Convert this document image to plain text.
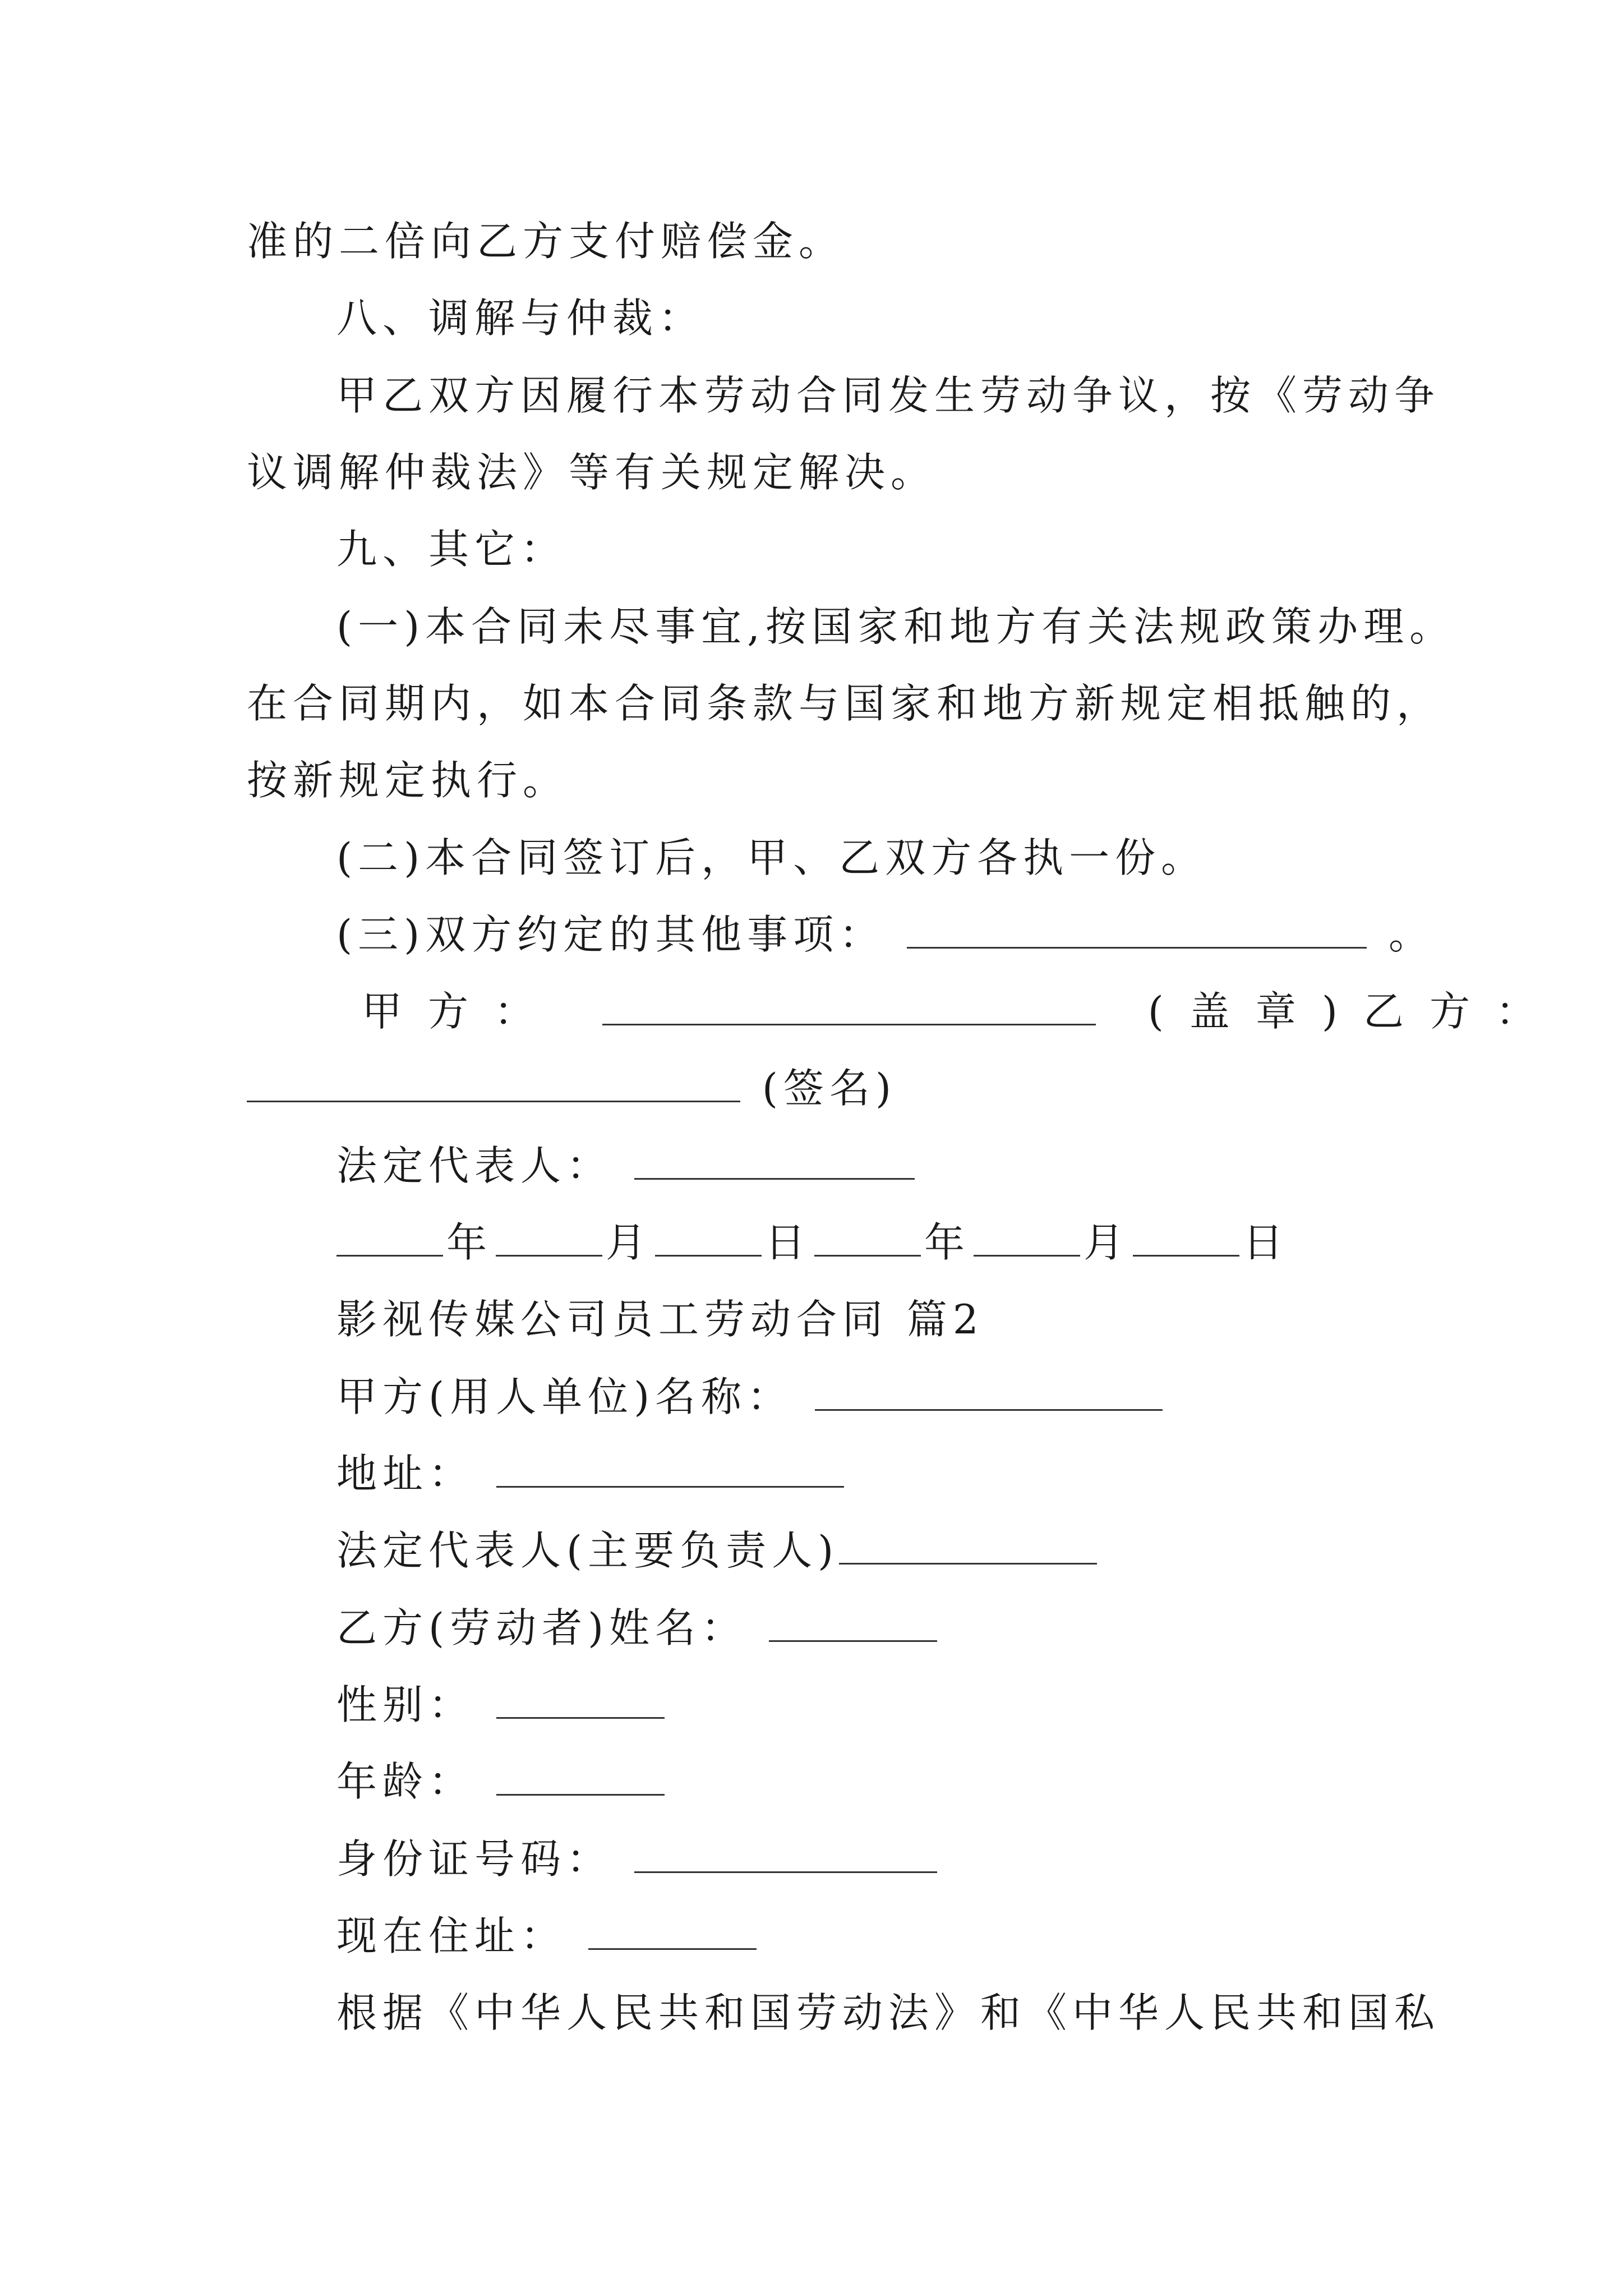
准的二倍向乙方支付赔偿金。
八、调解与仲裁：
甲乙双方因履行本劳动合同发生劳动争议，按《劳动争
议调解仲裁法》等有关规定解决。
九、其它：
(一)本合同未尽事宜,按国家和地方有关法规政策办理。
在合同期内，如本合同条款与国家和地方新规定相抵触的，
按新规定执行。
(二)本合同签订后，甲、乙双方各执一份。
(三)双方约定的其他事项：	。
甲方：	(盖章)乙方：
(签名)
法定代表人：
年	月	日	年	月	日
影视传媒公司员工劳动合同 篇2
甲方(用人单位)名称：
地址：
法定代表人(主要负责人)
乙方(劳动者)姓名：
性别：
年龄：
身份证号码：
现在住址：
根据《中华人民共和国劳动法》和《中华人民共和国私
